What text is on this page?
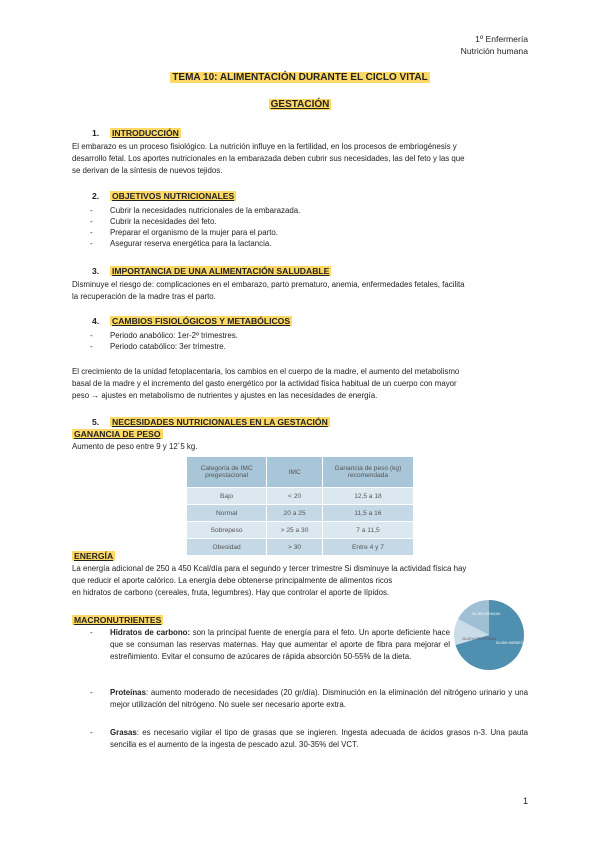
1º Enfermería
Nutrición humana
TEMA 10: ALIMENTACIÓN DURANTE EL CICLO VITAL
GESTACIÓN
1. INTRODUCCIÓN
El embarazo es un proceso fisiológico. La nutrición influye en la fertilidad, en los procesos de embriogénesis y
desarrollo fetal. Los aportes nutricionales en la embarazada deben cubrir sus necesidades, las del feto y las que
se derivan de la síntesis de nuevos tejidos.
2. OBJETIVOS NUTRICIONALES
- Cubrir la necesidades nutricionales de la embarazada.
- Cubrir la necesidades del feto.
- Preparar el organismo de la mujer para el parto.
- Asegurar reserva energética para la lactancia.
3. IMPORTANCIA DE UNA ALIMENTACIÓN SALUDABLE
Disminuye el riesgo de: complicaciones en el embarazo, parto prematuro, anemia, enfermedades fetales, facilita
la recuperación de la madre tras el parto.
4. CAMBIOS FISIOLÓGICOS Y METABÓLICOS
- Periodo anabólico: 1er-2º trimestres.
- Periodo catabólico: 3er trimestre.
El crecimiento de la unidad fetoplacentaria, los cambios en el cuerpo de la madre, el aumento del metabolismo
basal de la madre y el incremento del gasto energético por la actividad física habitual de un cuerpo con mayor
peso → ajustes en metabolismo de nutrientes y ajustes en las necesidades de energía.
5. NECESIDADES NUTRICIONALES EN LA GESTACIÓN
GANANCIA DE PESO
Aumento de peso entre 9 y 12´5 kg.
Categoría de IMC pregestacional	IMC	Ganancia de peso (kg) recomendada
Bajo	< 20	12,5 a 18
Normal	20 a 25	11,5 a 16
Sobrepeso	> 25 a 30	7 a 11,5
Obesidad	> 30	Entre 4 y 7
ENERGÍA
La energía adicional de 250 a 450 Kcal/día para el segundo y tercer trimestre Si disminuye la actividad física hay
que reducir el aporte calórico. La energía debe obtenerse principalmente de alimentos ricos
en hidratos de carbono (cereales, fruta, legumbres). Hay que controlar el aporte de lípidos.
MACRONUTRIENTES
- Hidratos de carbono: son la principal fuente de energía para el feto. Un aporte deficiente hace que se consuman las reservas maternas. Hay que aumentar el aporte de fibra para mejorar el estreñimiento. Evitar el consumo de azúcares de rápida absorción 50-55% de la dieta.
- Proteínas: aumento moderado de necesidades (20 gr/día). Disminución en la eliminación del nitrógeno urinario y una mejor utilización del nitrógeno. No suele ser necesario aporte extra.
- Grasas: es necesario vigilar el tipo de grasas que se ingieren. Ingesta adecuada de ácidos grasos n-3. Una pauta sencilla es el aumento de la ingesta de pescado azul. 30-35% del VCT.
30-35% GRASAS
15-20% PROTEINAS
50-55% HIDRATOS DE CARBONO
1
